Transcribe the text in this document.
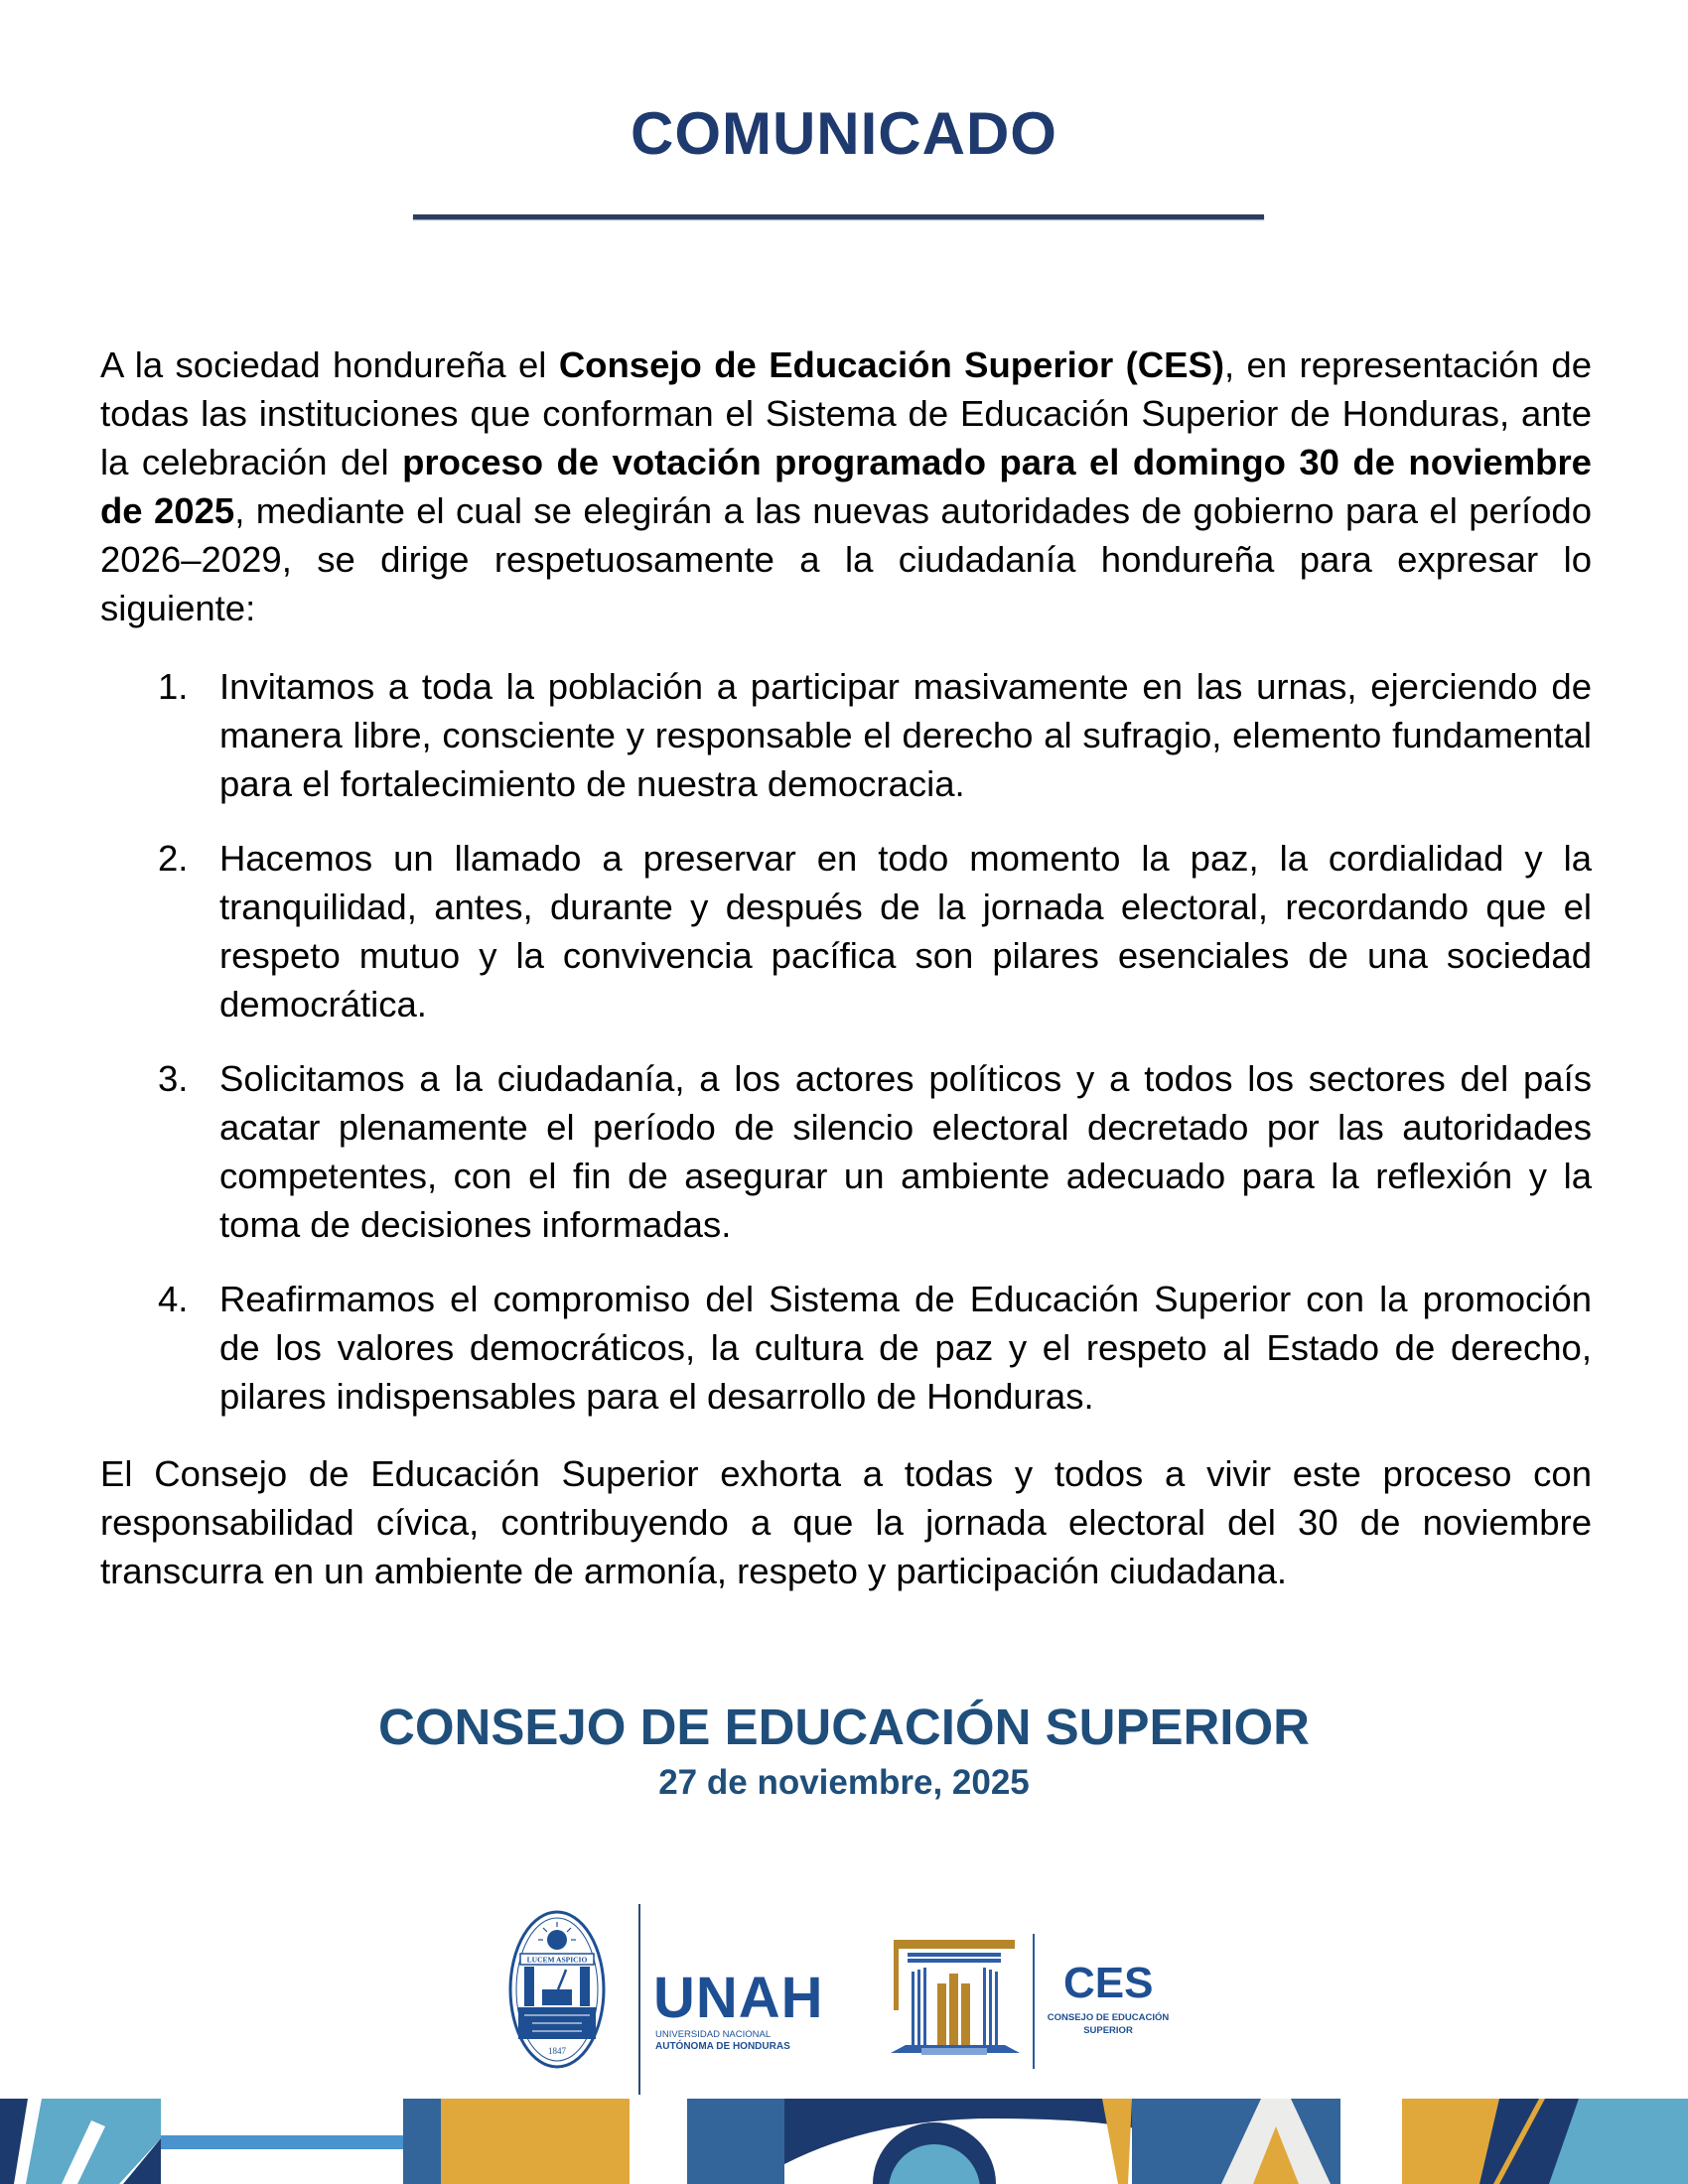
COMUNICADO

A la sociedad hondureña el Consejo de Educación Superior (CES), en representación de todas las instituciones que conforman el Sistema de Educación Superior de Honduras, ante la celebración del proceso de votación programado para el domingo 30 de noviembre de 2025, mediante el cual se elegirán a las nuevas autoridades de gobierno para el período 2026–2029, se dirige respetuosamente a la ciudadanía hondureña para expresar lo siguiente:

1. Invitamos a toda la población a participar masivamente en las urnas, ejerciendo de manera libre, consciente y responsable el derecho al sufragio, elemento fundamental para el fortalecimiento de nuestra democracia.
2. Hacemos un llamado a preservar en todo momento la paz, la cordialidad y la tranquilidad, antes, durante y después de la jornada electoral, recordando que el respeto mutuo y la convivencia pacífica son pilares esenciales de una sociedad democrática.
3. Solicitamos a la ciudadanía, a los actores políticos y a todos los sectores del país acatar plenamente el período de silencio electoral decretado por las autoridades competentes, con el fin de asegurar un ambiente adecuado para la reflexión y la toma de decisiones informadas.
4. Reafirmamos el compromiso del Sistema de Educación Superior con la promoción de los valores democráticos, la cultura de paz y el respeto al Estado de derecho, pilares indispensables para el desarrollo de Honduras.

El Consejo de Educación Superior exhorta a todas y todos a vivir este proceso con responsabilidad cívica, contribuyendo a que la jornada electoral del 30 de noviembre transcurra en un ambiente de armonía, respeto y participación ciudadana.

CONSEJO DE EDUCACIÓN SUPERIOR
27 de noviembre, 2025
LUCEM ASPICIO
1847
UNAH
UNIVERSIDAD NACIONAL
AUTÓNOMA DE HONDURAS
CES
CONSEJO DE EDUCACIÓN
SUPERIOR
